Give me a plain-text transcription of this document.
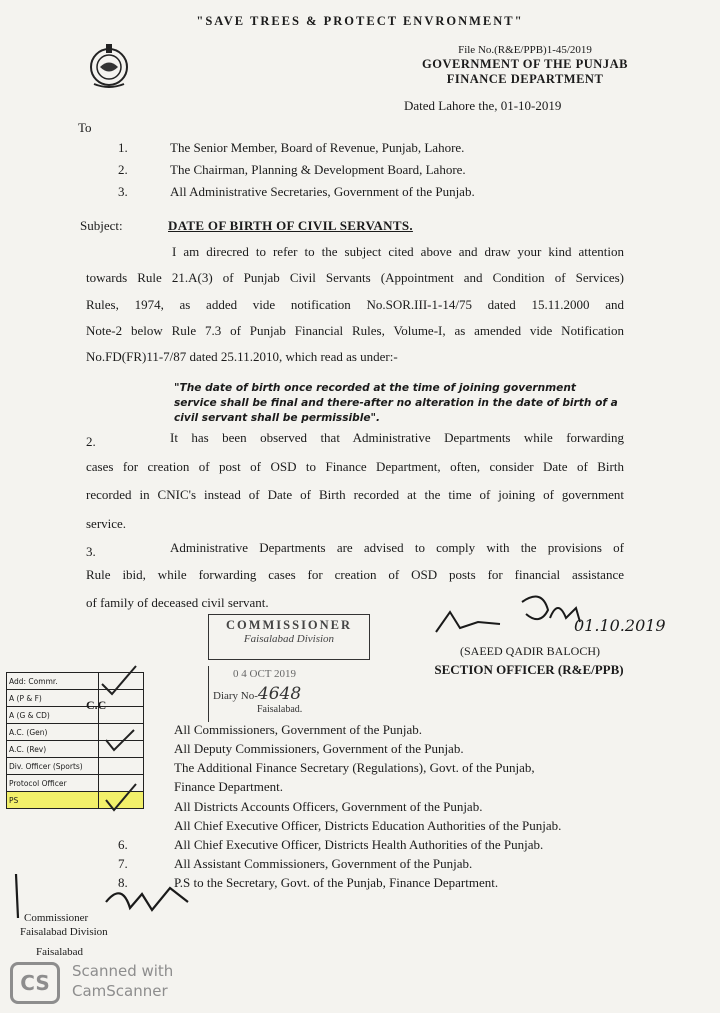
"SAVE TREES & PROTECT ENVRONMENT"
File No.(R&E/PPB)1-45/2019
GOVERNMENT OF THE PUNJAB
FINANCE DEPARTMENT
Dated Lahore the, 01-10-2019
To
1.	The Senior Member, Board of Revenue, Punjab, Lahore.
2.	The Chairman, Planning & Development Board, Lahore.
3.	All Administrative Secretaries, Government of the Punjab.
Subject:	DATE OF BIRTH OF CIVIL SERVANTS.
I am direcred to refer to the subject cited above and draw your kind attention
towards Rule 21.A(3) of Punjab Civil Servants (Appointment and Condition of Services)
Rules, 1974, as added vide notification No.SOR.III-1-14/75 dated 15.11.2000 and
Note-2 below Rule 7.3 of Punjab Financial Rules, Volume-I, as amended vide Notification
No.FD(FR)11-7/87 dated 25.11.2010, which read as under:-
"The date of birth once recorded at the time of joining government service shall be final and there-after no alteration in the date of birth of a civil servant shall be permissible".
2.	It has been observed that Administrative Departments while forwarding
cases for creation of post of OSD to Finance Department, often, consider Date of Birth
recorded in CNIC's instead of Date of Birth recorded at the time of joining of government
service.
3.	Administrative Departments are advised to comply with the provisions of
Rule ibid, while forwarding cases for creation of OSD posts for financial assistance
of family of deceased civil servant.
COMMISSIONER
Faisalabad Division
0 4 OCT 2019
Diary No-4648
Faisalabad.
01.10.2019
(SAEED QADIR BALOCH)
SECTION OFFICER (R&E/PPB)
Add: Commr.	
A (P & F)	
A (G & CD)	
A.C. (Gen)	
A.C. (Rev)	
Div. Officer (Sports)	
Protocol Officer	
PS	
C.C
All Commissioners, Government of the Punjab.
All Deputy Commissioners, Government of the Punjab.
The Additional Finance Secretary (Regulations), Govt. of the Punjab,
Finance Department.
All Districts Accounts Officers, Government of the Punjab.
All Chief Executive Officer, Districts Education Authorities of the Punjab.
6.	All Chief Executive Officer, Districts Health Authorities of the Punjab.
7.	All Assistant Commissioners, Government of the Punjab.
8.	P.S to the Secretary, Govt. of the Punjab, Finance Department.
Commissioner
Faisalabad Division
Faisalabad
CS	Scanned with
CamScanner
